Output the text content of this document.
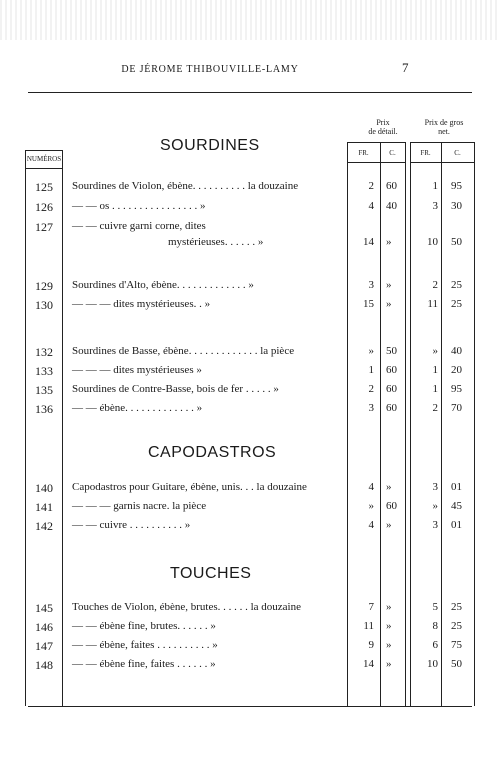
DE JÉROME THIBOUVILLE-LAMY	7
Prix
de détail.
Prix de gros
net.
NUMÉROS
FR.	C.	FR.	C.
SOURDINES
CAPODASTROS
TOUCHES
125	Sourdines de Violon, ébène. . . . . . . . . . la douzaine	2 60	1 95
126	— — os . . . . . . . . . . . . . . . . »	4 40	3 30
127	— — cuivre garni corne, dites
mystérieuses. . . . . . »	14 »	10 50
129	Sourdines d'Alto, ébène. . . . . . . . . . . . . »	3 »	2 25
130	— — — dites mystérieuses. . »	15 »	11 25
132	Sourdines de Basse, ébène. . . . . . . . . . . . . la pièce	» 50	» 40
133	— — — dites mystérieuses »	1 60	1 20
135	Sourdines de Contre-Basse, bois de fer . . . . . »	2 60	1 95
136	— — ébène. . . . . . . . . . . . . »	3 60	2 70
140	Capodastros pour Guitare, ébène, unis. . . la douzaine	4 »	3 01
141	— — — garnis nacre. la pièce	» 60	» 45
142	— — cuivre . . . . . . . . . . »	4 »	3 01
145	Touches de Violon, ébène, brutes. . . . . . la douzaine	7 »	5 25
146	— — ébène fine, brutes. . . . . . »	11 »	8 25
147	— — ébène, faites . . . . . . . . . . »	9 »	6 75
148	— — ébène fine, faites . . . . . . »	14 »	10 50
